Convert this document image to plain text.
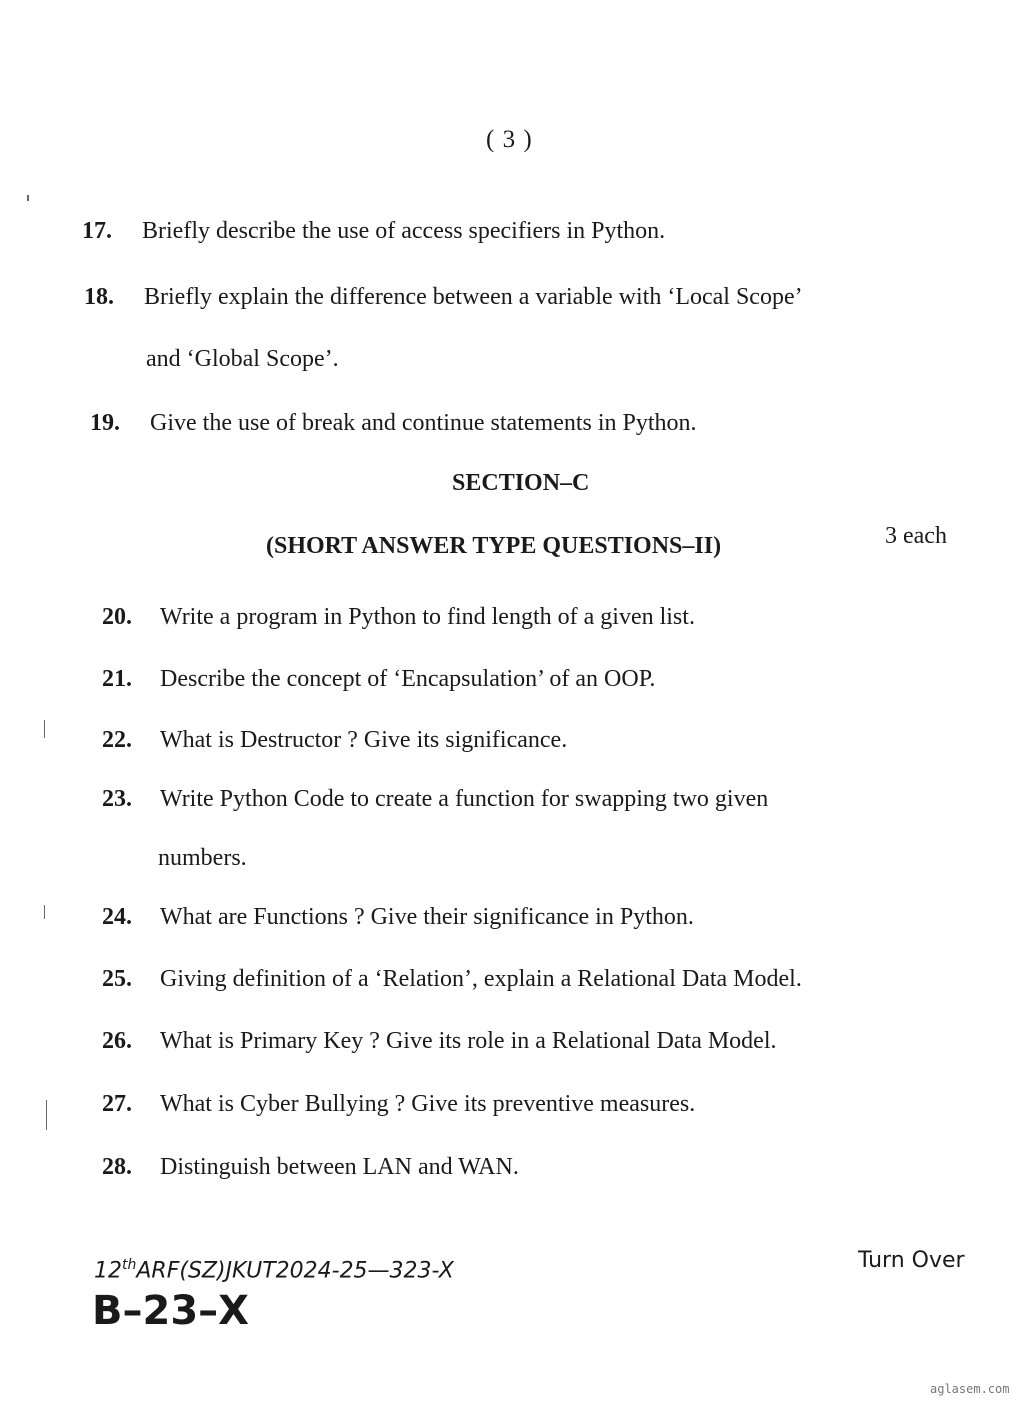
( 3 )
17. Briefly describe the use of access specifiers in Python.
18. Briefly explain the difference between a variable with ‘Local Scope’
and ‘Global Scope’.
19. Give the use of break and continue statements in Python.
SECTION–C
(SHORT ANSWER TYPE QUESTIONS–II)	3 each
20. Write a program in Python to find length of a given list.
21. Describe the concept of ‘Encapsulation’ of an OOP.
22. What is Destructor ? Give its significance.
23. Write Python Code to create a function for swapping two given
numbers.
24. What are Functions ? Give their significance in Python.
25. Giving definition of a ‘Relation’, explain a Relational Data Model.
26. What is Primary Key ? Give its role in a Relational Data Model.
27. What is Cyber Bullying ? Give its preventive measures.
28. Distinguish between LAN and WAN.
12thARF(SZ)JKUT2024-25—323-X
B–23–X
Turn Over
aglasem.com
